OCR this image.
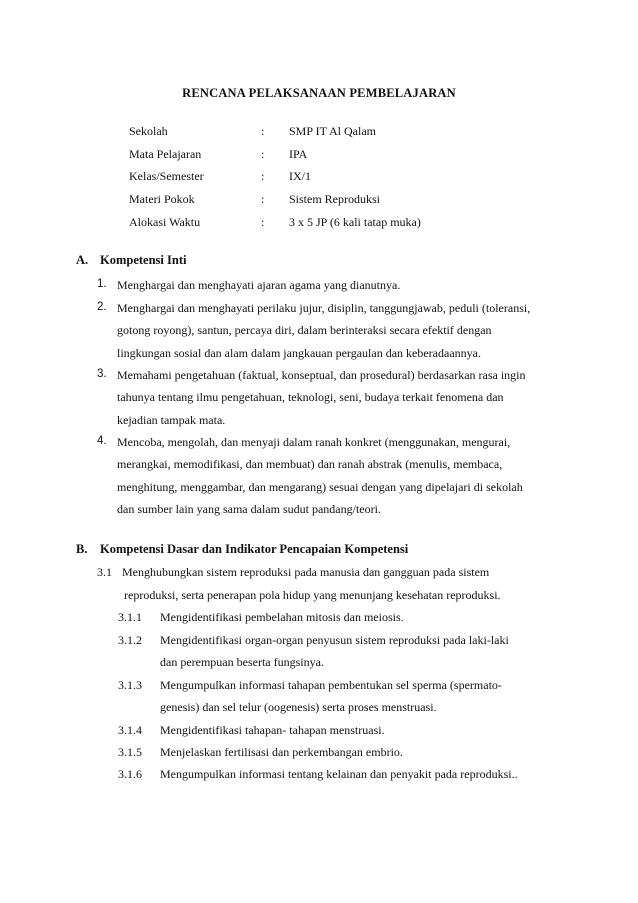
RENCANA PELAKSANAAN PEMBELAJARAN
Sekolah	: SMP IT Al Qalam
Mata Pelajaran	: IPA
Kelas/Semester	: IX/1
Materi Pokok	: Sistem Reproduksi
Alokasi Waktu	: 3 x 5 JP (6 kali tatap muka)
A. Kompetensi Inti
1. Menghargai dan menghayati ajaran agama yang dianutnya.
2. Menghargai dan menghayati perilaku jujur, disiplin, tanggungjawab, peduli (toleransi,
gotong royong), santun, percaya diri, dalam berinteraksi secara efektif dengan
lingkungan sosial dan alam dalam jangkauan pergaulan dan keberadaannya.
3. Memahami pengetahuan (faktual, konseptual, dan prosedural) berdasarkan rasa ingin
tahunya tentang ilmu pengetahuan, teknologi, seni, budaya terkait fenomena dan
kejadian tampak mata.
4. Mencoba, mengolah, dan menyaji dalam ranah konkret (menggunakan, mengurai,
merangkai, memodifikasi, dan membuat) dan ranah abstrak (menulis, membaca,
menghitung, menggambar, dan mengarang) sesuai dengan yang dipelajari di sekolah
dan sumber lain yang sama dalam sudut pandang/teori.
B. Kompetensi Dasar dan Indikator Pencapaian Kompetensi
3.1 Menghubungkan sistem reproduksi pada manusia dan gangguan pada sistem
reproduksi, serta penerapan pola hidup yang menunjang kesehatan reproduksi.
3.1.1 Mengidentifikasi pembelahan mitosis dan meiosis.
3.1.2 Mengidentifikasi organ-organ penyusun sistem reproduksi pada laki-laki
dan perempuan beserta fungsinya.
3.1.3 Mengumpulkan informasi tahapan pembentukan sel sperma (spermato-
genesis) dan sel telur (oogenesis) serta proses menstruasi.
3.1.4 Mengidentifikasi tahapan- tahapan menstruasi.
3.1.5 Menjelaskan fertilisasi dan perkembangan embrio.
3.1.6 Mengumpulkan informasi tentang kelainan dan penyakit pada reproduksi..
